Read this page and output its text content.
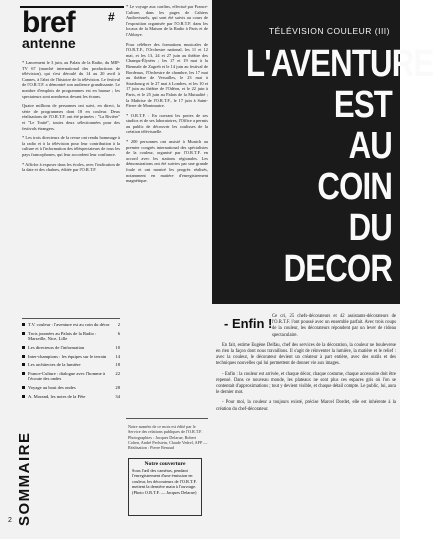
bref	#
antenne

* Lancement le 3 juin, au Palais de la Radio, du MIP-TV 67 (marché international des productions de télévision), qui s'est déroulé du 14 au 20 avril à Cannes, à l'abri de l'histoire de la télévision. Le festival de l'O.R.T.F. a démontré son audience grandissante. Le nombre d'emplois de programmes est en hausse ; les spectateurs sont nombreux devant les écrans.

Quatre millions de personnes ont suivi, en direct, la série de programmes dont 18 en couleur. Deux réalisations de l'O.R.T.F. ont été primées : "La Rivière" et "Le Traité", toutes deux sélectionnées pour des festivals étrangers.

* Les trois directeurs de la revue ont rendu hommage à la radio et à la télévision pour leur contribution à la culture et à l'information des téléspectateurs de tous les pays francophones, qui leur accordent leur confiance.

* Affiche à exposer dans les écoles, avec l'indication de la date et des chaînes, éditée par l'O.R.T.F.

* Le voyage aux confins, effectué par France-Culture, dans les pages de Cahiers Audiovisuels, qui sont été suivis au cours de l'exposition organisée par l'O.R.T.F. dans les locaux de la Maison de la Radio à Paris et de l'Abbaye.

Pour célébrer des formations musicales de l'O.R.T.F., l'Orchestre national, les 11 et 12 mai, et les 13, 24 et 27 juin au théâtre des Champs-Élysées ; les 17 et 19 mai à la Biennale de Zagreb et le 14 juin au festival de Bordeaux, l'Orchestre de chambre, les 17 mai au théâtre de Versailles, le 23 mai à Strasbourg et le 27 mai à Londres, et les 10 et 17 juin au théâtre de l'Odéon, et le 22 juin à Paris, et le 25 juin au Palais de la Mutualité ; la Maîtrise de l'O.R.T.F., le 17 juin à Saint-Pierre de Montmartre.

* O.R.T.F. : En ouvrant les portes de ses studios et de ses laboratoires, l'Office a permis au public de découvrir les coulisses de la création télévisuelle.

* 200 personnes ont assisté à Munich au premier congrès international des spécialistes de la couleur, organisé par l'O.R.T.F. en accord avec les stations régionales. Les démonstrations ont été suivies par une grande foule et ont montré les progrès réalisés, notamment en matière d'enregistrement magnétique.

Notre numéro de ce mois est édité par le Service des relations publiques de l'O.R.T.F. Photographies : Jacques Delarue, Robert Cohen, André Perlstein, Claude Vedrel, AFP — Réalisation : Pierre Renaud
SOMMAIRE
T.V. couleur : l'aventure est au coin du décor 2
Trois journées au Palais de la Radio : Marseille, Nice, Lille
6
Les directeurs de l'information	10
Inter-champions : les équipes sur le terrain 14
Les architectes de la lumière	18
France-Culture : dialogue avec l'homme à l'écoute des ondes
22
Voyage au bout des ondes	28
A. Morand, les notes de la Fête	34
Notre couverture
Sous l'œil des caméras, pendant l'enregistrement d'une émission en couleur, les décorateurs de l'O.R.T.F. mettent la dernière main à l'ouvrage. (Photo O.R.T.F. — Jacques Delarue)
2
TÉLÉVISION COULEUR (III)
L'AVENTURE
EST
AU
COIN
DU
DECOR
- Enfin ! Ce cri, 25 chefs-décorateurs et 42 assistants-décorateurs de l'O.R.T.F. l'ont poussé avec un ensemble parfait. Avec trois coups de la couleur, les décorateurs répondent par un lever de rideau spectaculaire.

En fait, estime Eugène Delfau, chef des services de la décoration, la couleur ne bouleverse en rien la façon dont nous travaillons. Il s'agit de réinventer la lumière, la matière et le relief : avec la couleur, le décorateur devient un créateur à part entière, avec des outils et des techniques nouvelles qui lui permettent de donner vie aux images.

- Enfin : la couleur est arrivée, et chaque décor, chaque costume, chaque accessoire doit être repensé. Dans ce nouveau monde, les plateaux ne sont plus ces espaces gris où l'on se contentait d'approximations ; tout y devient visible, et chaque détail compte. Le public, lui, aura le dernier mot.

- Pour moi, la couleur a toujours existé, précise Marcel Dordet, elle est inhérente à la création du chef-décorateur.
